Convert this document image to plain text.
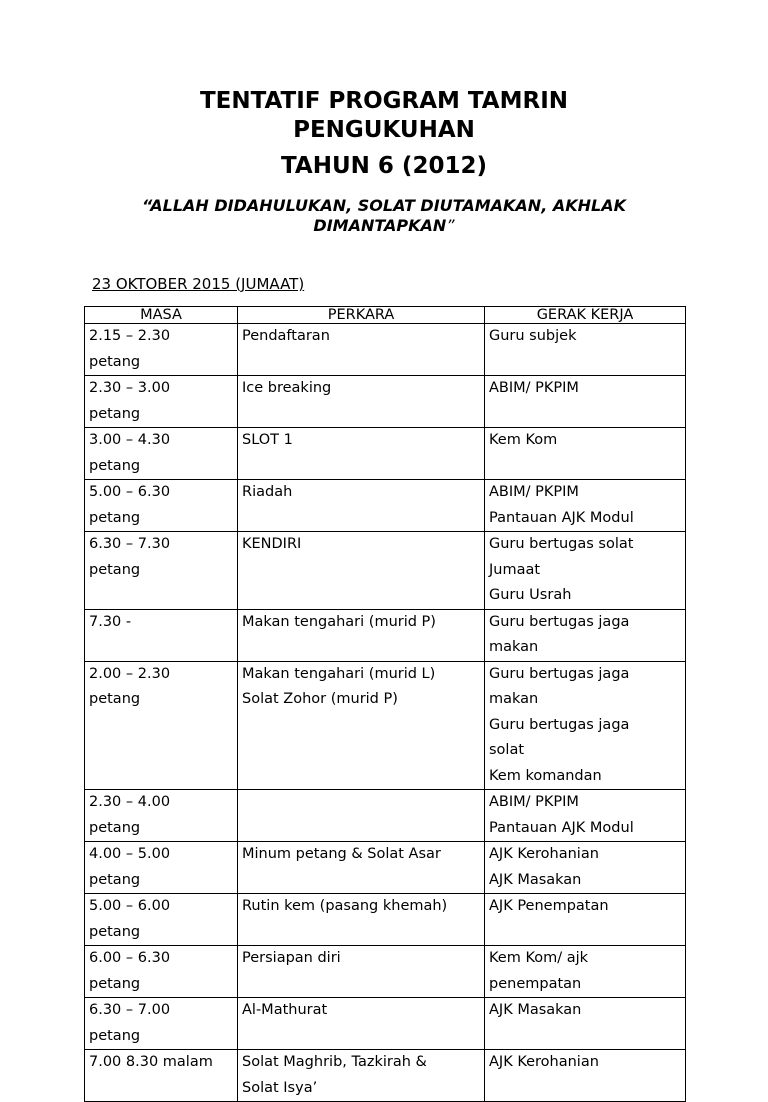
TENTATIF PROGRAM TAMRIN
PENGUKUHAN
TAHUN 6 (2012)
“ALLAH DIDAHULUKAN, SOLAT DIUTAMAKAN, AKHLAK
DIMANTAPKAN”
23 OKTOBER 2015 (JUMAAT)
MASA	PERKARA	GERAK KERJA

2.15 – 2.30
petang	Pendaftaran	Guru subjek

2.30 – 3.00
petang	Ice breaking	ABIM/ PKPIM

3.00 – 4.30
petang	SLOT 1	Kem Kom

5.00 – 6.30
petang	Riadah	ABIM/ PKPIM
Pantauan AJK Modul

6.30 – 7.30
petang	KENDIRI	Guru bertugas solat
Jumaat
Guru Usrah

7.30 -	Makan tengahari (murid P)	Guru bertugas jaga
makan

2.00 – 2.30
petang	Makan tengahari (murid L)
Solat Zohor (murid P)	Guru bertugas jaga
makan
Guru bertugas jaga
solat
Kem komandan

2.30 – 4.00
petang		ABIM/ PKPIM
Pantauan AJK Modul

4.00 – 5.00
petang	Minum petang & Solat Asar	AJK Kerohanian
AJK Masakan

5.00 – 6.00
petang	Rutin kem (pasang khemah)	AJK Penempatan

6.00 – 6.30
petang	Persiapan diri	Kem Kom/ ajk
penempatan

6.30 – 7.00
petang	Al-Mathurat	AJK Masakan

7.00 8.30 malam	Solat Maghrib, Tazkirah &
Solat Isya’	AJK Kerohanian
